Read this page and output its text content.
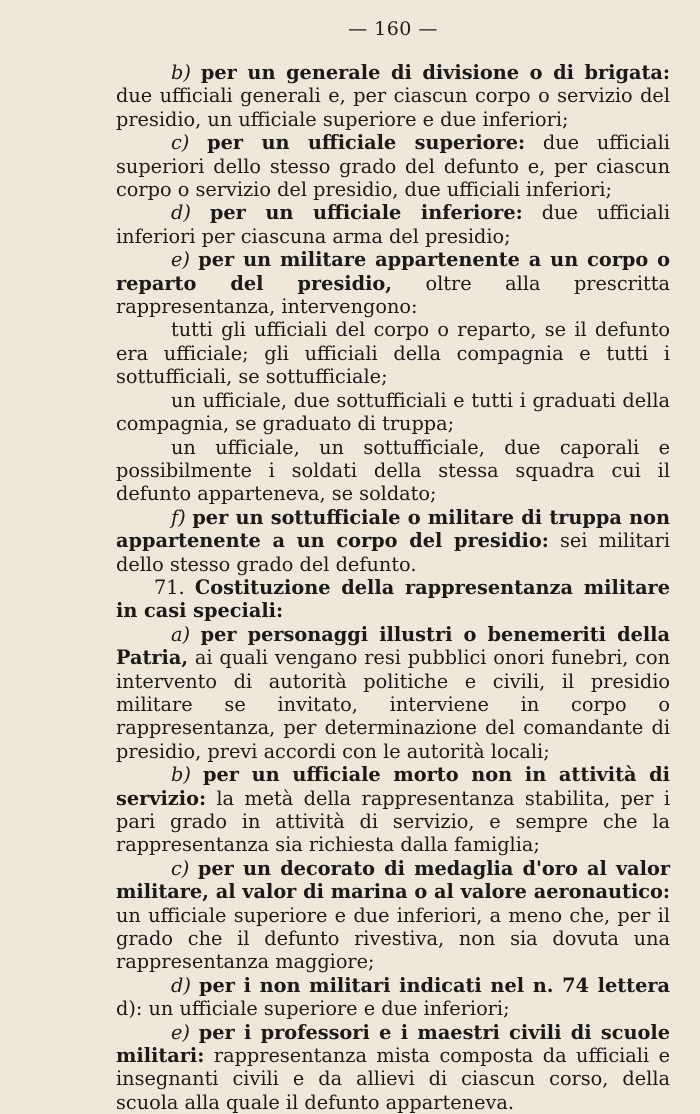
— 160 —

b) per un generale di divisione o di brigata: due ufficiali generali e, per ciascun corpo o servizio del presidio, un ufficiale superiore e due inferiori;

c) per un ufficiale superiore: due ufficiali superiori dello stesso grado del defunto e, per ciascun corpo o servizio del presidio, due ufficiali inferiori;

d) per un ufficiale inferiore: due ufficiali inferiori per ciascuna arma del presidio;

e) per un militare appartenente a un corpo o reparto del presidio, oltre alla prescritta rappresentanza, intervengono:

tutti gli ufficiali del corpo o reparto, se il defunto era ufficiale; gli ufficiali della compagnia e tutti i sottufficiali, se sottufficiale;

un ufficiale, due sottufficiali e tutti i graduati della compagnia, se graduato di truppa;

un ufficiale, un sottufficiale, due caporali e possibilmente i soldati della stessa squadra cui il defunto apparteneva, se soldato;

f) per un sottufficiale o militare di truppa non appartenente a un corpo del presidio: sei militari dello stesso grado del defunto.

71. Costituzione della rappresentanza militare in casi speciali:

a) per personaggi illustri o benemeriti della Patria, ai quali vengano resi pubblici onori funebri, con intervento di autorità politiche e civili, il presidio militare se invitato, interviene in corpo o rappresentanza, per determinazione del comandante di presidio, previ accordi con le autorità locali;

b) per un ufficiale morto non in attività di servizio: la metà della rappresentanza stabilita, per i pari grado in attività di servizio, e sempre che la rappresentanza sia richiesta dalla famiglia;

c) per un decorato di medaglia d'oro al valor militare, al valor di marina o al valore aeronautico: un ufficiale superiore e due inferiori, a meno che, per il grado che il defunto rivestiva, non sia dovuta una rappresentanza maggiore;

d) per i non militari indicati nel n. 74 lettera d): un ufficiale superiore e due inferiori;

e) per i professori e i maestri civili di scuole militari: rappresentanza mista composta da ufficiali e insegnanti civili e da allievi di ciascun corso, della scuola alla quale il defunto apparteneva.
